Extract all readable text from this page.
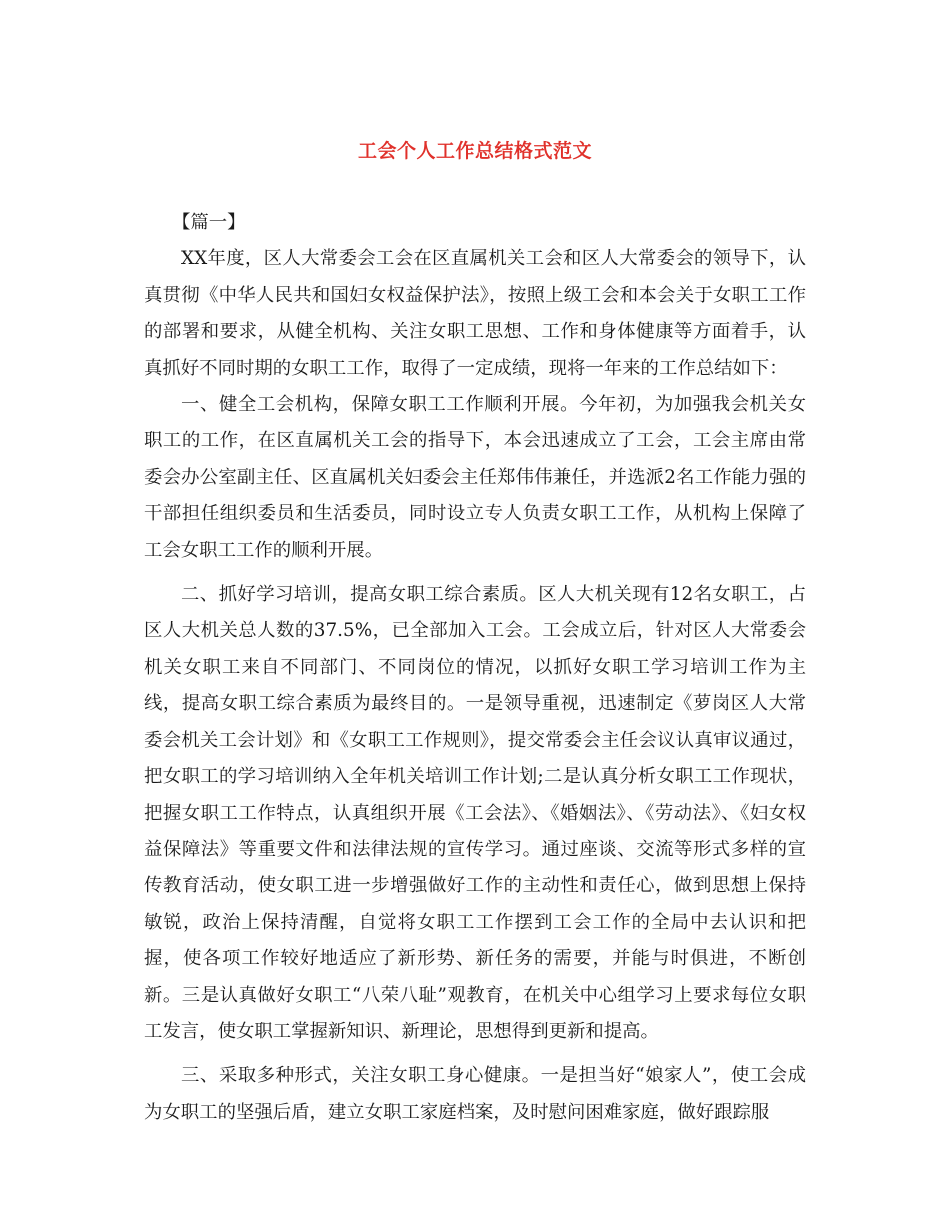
工会个人工作总结格式范文

【篇一】

XX年度，区人大常委会工会在区直属机关工会和区人大常委会的领导下，认真贯彻《中华人民共和国妇女权益保护法》，按照上级工会和本会关于女职工工作的部署和要求，从健全机构、关注女职工思想、工作和身体健康等方面着手，认真抓好不同时期的女职工工作，取得了一定成绩，现将一年来的工作总结如下：

一、健全工会机构，保障女职工工作顺利开展。今年初，为加强我会机关女职工的工作，在区直属机关工会的指导下，本会迅速成立了工会，工会主席由常委会办公室副主任、区直属机关妇委会主任郑伟伟兼任，并选派2名工作能力强的干部担任组织委员和生活委员，同时设立专人负责女职工工作，从机构上保障了工会女职工工作的顺利开展。

二、抓好学习培训，提高女职工综合素质。区人大机关现有12名女职工，占区人大机关总人数的37.5%，已全部加入工会。工会成立后，针对区人大常委会机关女职工来自不同部门、不同岗位的情况，以抓好女职工学习培训工作为主线，提高女职工综合素质为最终目的。一是领导重视，迅速制定《萝岗区人大常委会机关工会计划》和《女职工工作规则》，提交常委会主任会议认真审议通过，把女职工的学习培训纳入全年机关培训工作计划;二是认真分析女职工工作现状，把握女职工工作特点，认真组织开展《工会法》、《婚姻法》、《劳动法》、《妇女权益保障法》等重要文件和法律法规的宣传学习。通过座谈、交流等形式多样的宣传教育活动，使女职工进一步增强做好工作的主动性和责任心，做到思想上保持敏锐，政治上保持清醒，自觉将女职工工作摆到工会工作的全局中去认识和把握，使各项工作较好地适应了新形势、新任务的需要，并能与时俱进，不断创新。三是认真做好女职工“八荣八耻”观教育，在机关中心组学习上要求每位女职工发言，使女职工掌握新知识、新理论，思想得到更新和提高。

三、采取多种形式，关注女职工身心健康。一是担当好“娘家人”，使工会成为女职工的坚强后盾，建立女职工家庭档案，及时慰问困难家庭，做好跟踪服
